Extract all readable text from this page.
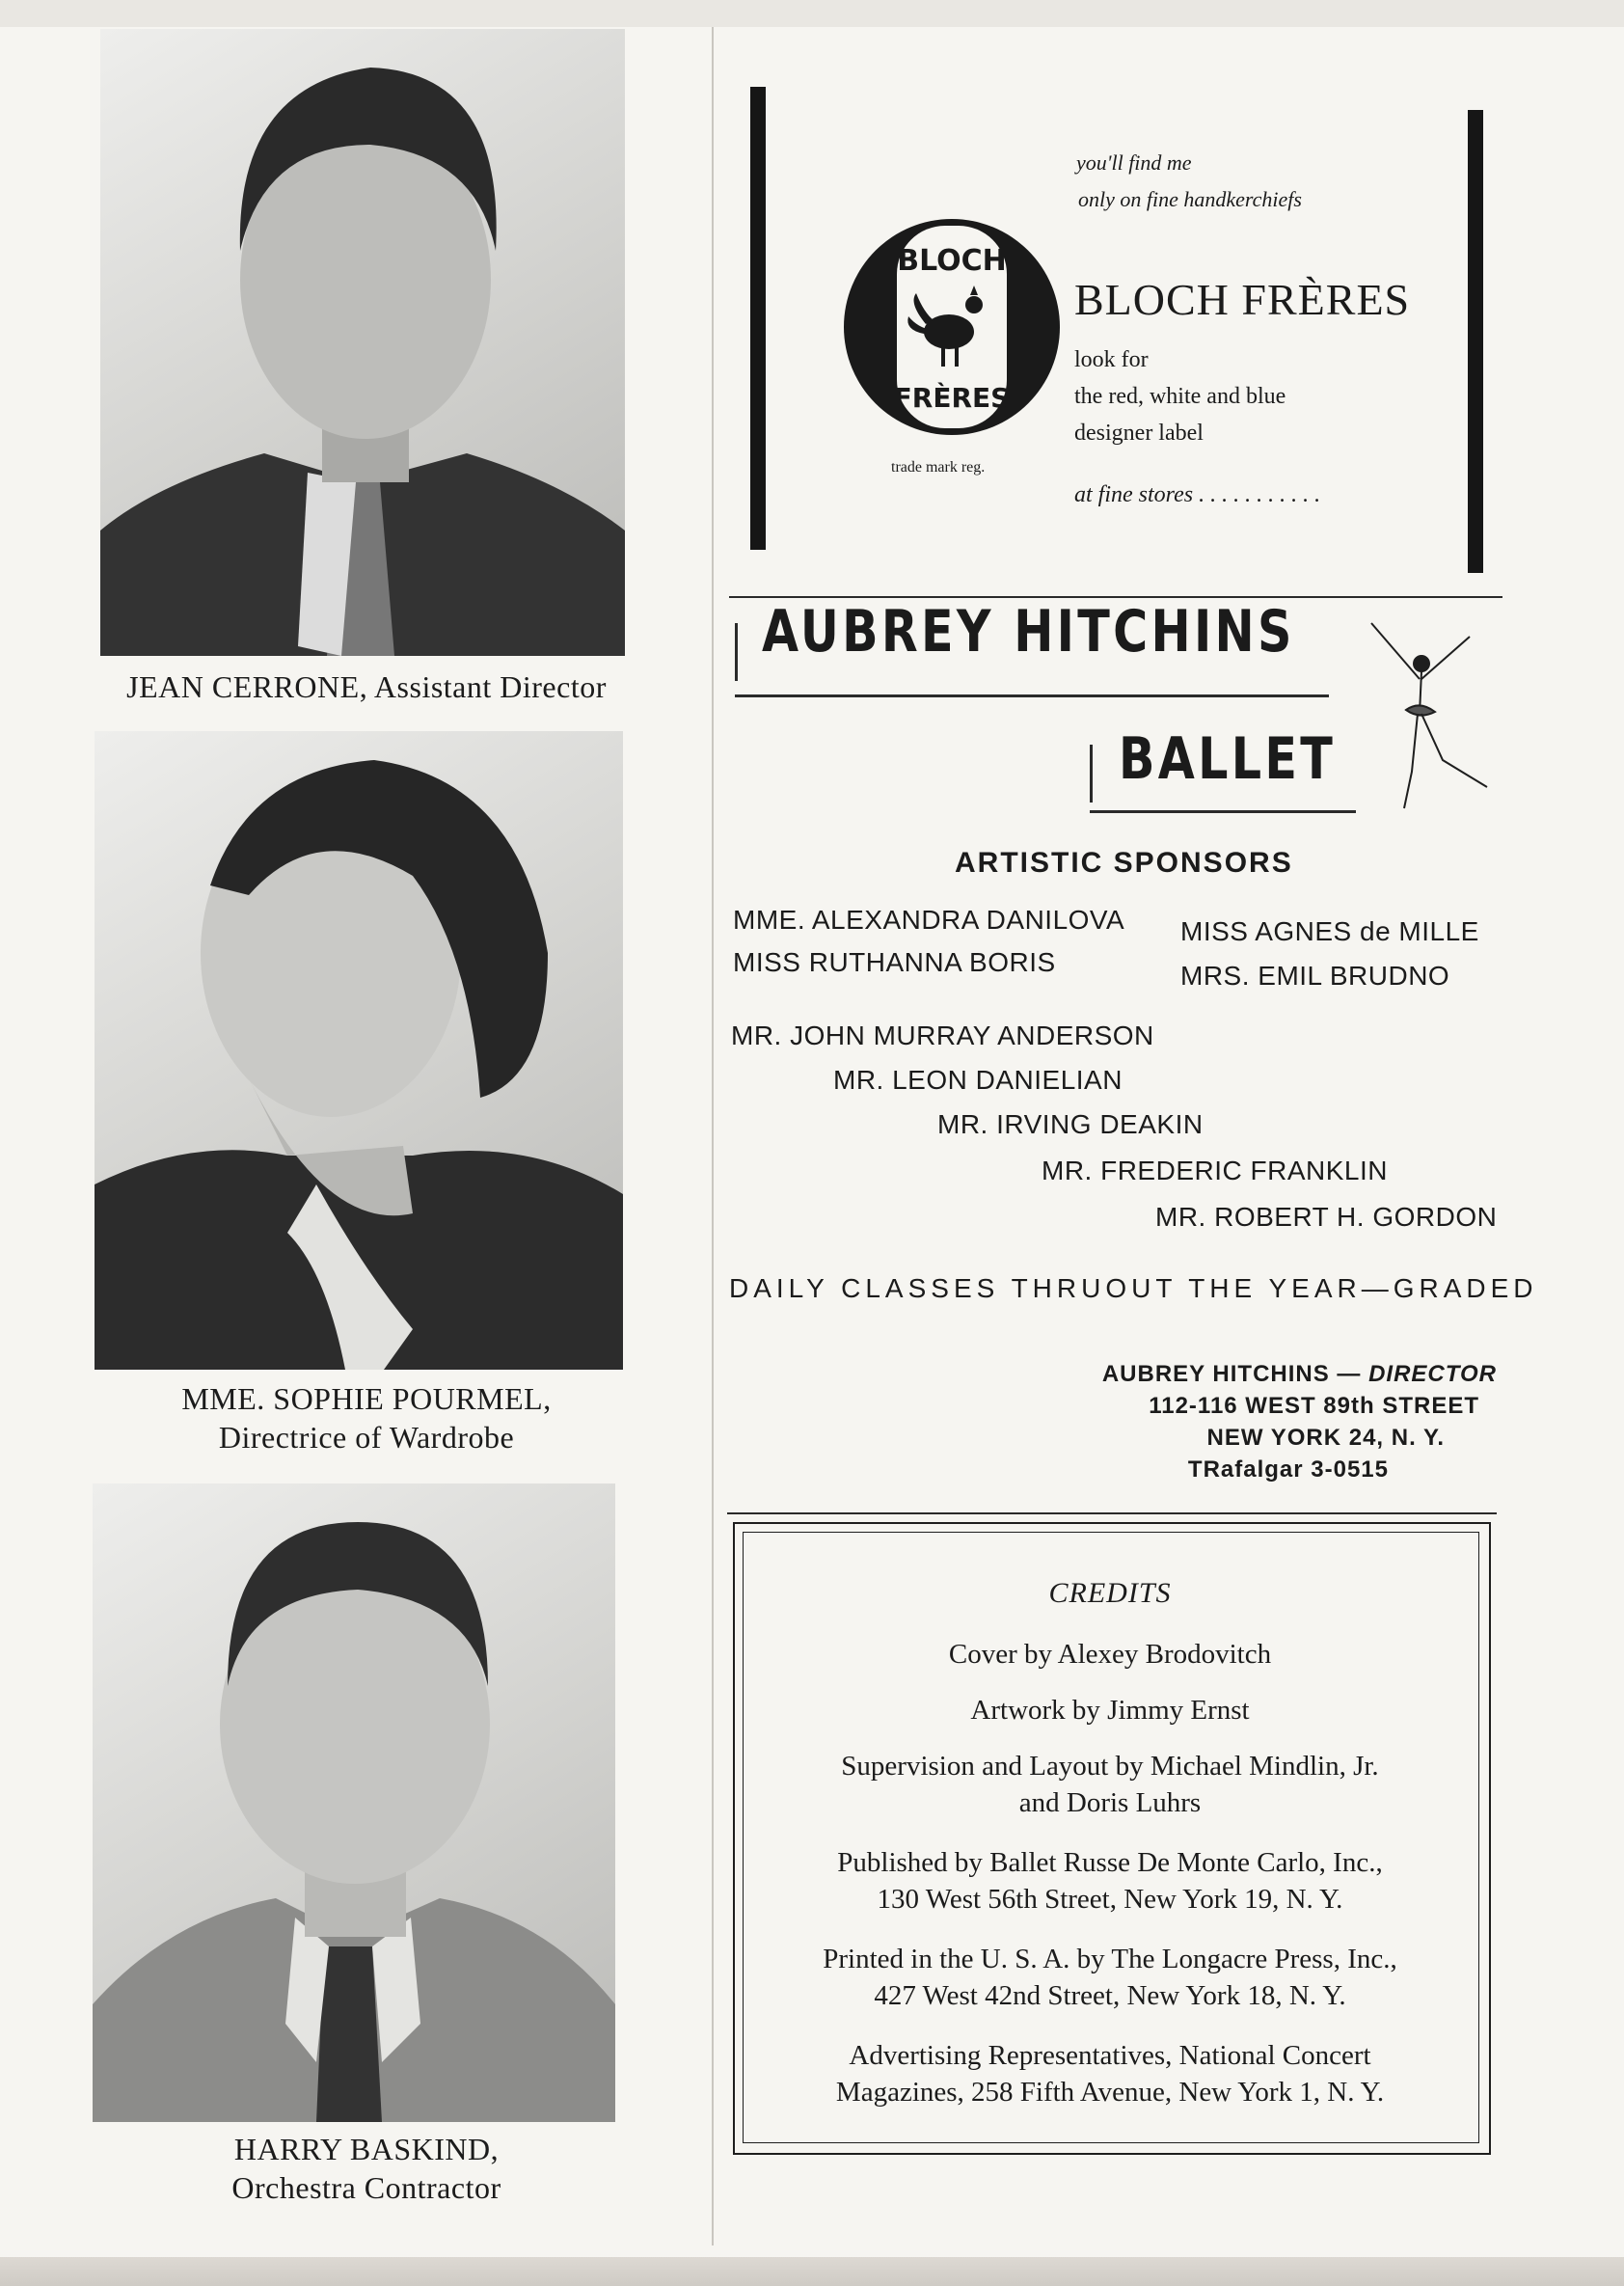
JEAN CERRONE, Assistant Director
MME. SOPHIE POURMEL,
Directrice of Wardrobe
HARRY BASKIND,
Orchestra Contractor
you'll find me
only on fine handkerchiefs
BLOCH
FRÈRES
trade mark reg.
BLOCH FRÈRES
look for
the red, white and blue
designer label
at fine stores . . . . . . . . . . .
AUBREY HITCHINS
BALLET
ARTISTIC SPONSORS
MME. ALEXANDRA DANILOVA
MISS RUTHANNA BORIS
MISS AGNES de MILLE
MRS. EMIL BRUDNO
MR. JOHN MURRAY ANDERSON
MR. LEON DANIELIAN
MR. IRVING DEAKIN
MR. FREDERIC FRANKLIN
MR. ROBERT H. GORDON
DAILY CLASSES THRUOUT THE YEAR—GRADED
AUBREY HITCHINS — DIRECTOR
112-116 WEST 89th STREET
NEW YORK 24, N. Y.
TRafalgar 3-0515
CREDITS
Cover by Alexey Brodovitch
Artwork by Jimmy Ernst
Supervision and Layout by Michael Mindlin, Jr.
and Doris Luhrs
Published by Ballet Russe De Monte Carlo, Inc.,
130 West 56th Street, New York 19, N. Y.
Printed in the U. S. A. by The Longacre Press, Inc.,
427 West 42nd Street, New York 18, N. Y.
Advertising Representatives, National Concert
Magazines, 258 Fifth Avenue, New York 1, N. Y.
